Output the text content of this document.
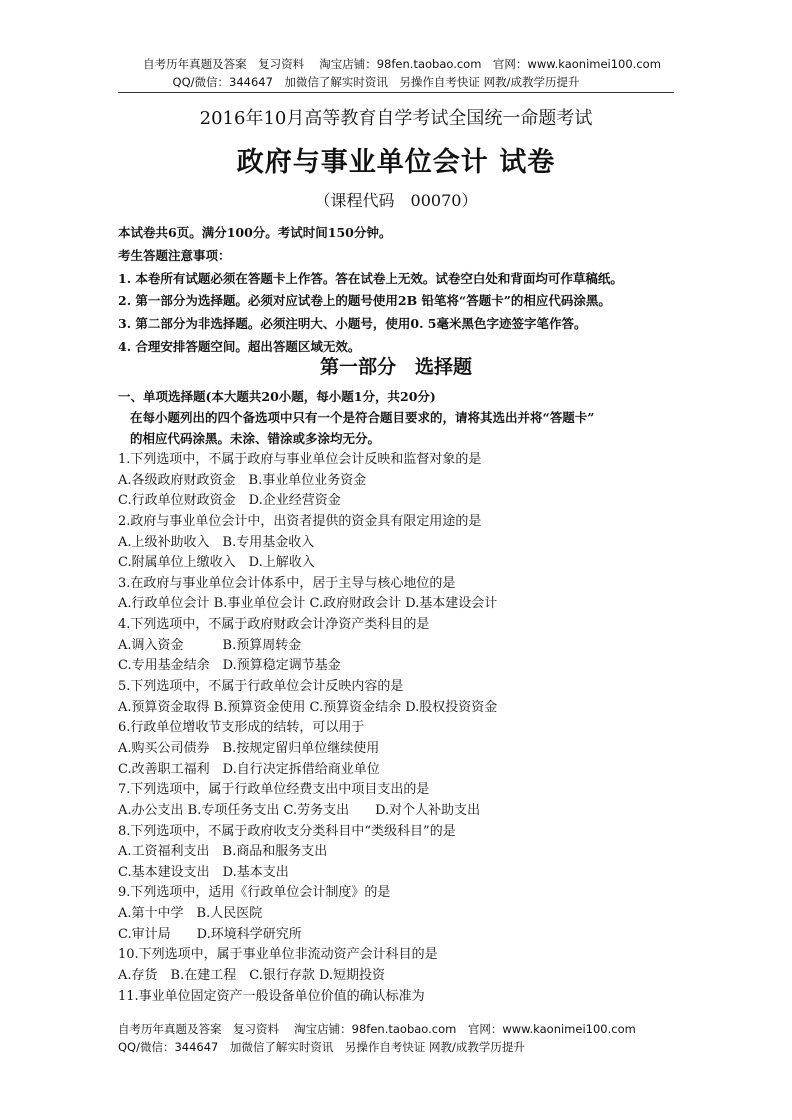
自考历年真题及答案　复习资料　 淘宝店铺：98fen.taobao.com　官网：www.kaonimei100.com
QQ/微信：344647　加微信了解实时资讯　另操作自考快证 网教/成教学历提升
2016年10月高等教育自学考试全国统一命题考试
政府与事业单位会计 试卷
（课程代码　00070）
本试卷共6页。满分100分。考试时间150分钟。
考生答题注意事项：
1. 本卷所有试题必须在答题卡上作答。答在试卷上无效。试卷空白处和背面均可作草稿纸。
2. 第一部分为选择题。必须对应试卷上的题号使用2B 铅笔将“答题卡”的相应代码涂黑。
3. 第二部分为非选择题。必须注明大、小题号，使用0. 5毫米黑色字迹签字笔作答。
4. 合理安排答题空间。超出答题区域无效。
第一部分　选择题
一、单项选择题(本大题共20小题，每小题1分，共20分)
在每小题列出的四个备选项中只有一个是符合题目要求的，请将其选出并将“答题卡”
的相应代码涂黑。未涂、错涂或多涂均无分。
1.下列选项中，不属于政府与事业单位会计反映和监督对象的是
A.各级政府财政资金　B.事业单位业务资金
C.行政单位财政资金　D.企业经营资金
2.政府与事业单位会计中，出资者提供的资金具有限定用途的是
A.上级补助收入　B.专用基金收入
C.附属单位上缴收入　D.上解收入
3.在政府与事业单位会计体系中，居于主导与核心地位的是
A.行政单位会计 B.事业单位会计 C.政府财政会计 D.基本建设会计
4.下列选项中，不属于政府财政会计净资产类科目的是
A.调入资金　　　B.预算周转金
C.专用基金结余　D.预算稳定调节基金
5.下列选项中，不属于行政单位会计反映内容的是
A.预算资金取得 B.预算资金使用 C.预算资金结余 D.股权投资资金
6.行政单位增收节支形成的结转，可以用于
A.购买公司债券　B.按规定留归单位继续使用
C.改善职工福利　D.自行决定拆借给商业单位
7.下列选项中，属于行政单位经费支出中项目支出的是
A.办公支出 B.专项任务支出 C.劳务支出　　D.对个人补助支出
8.下列选项中，不属于政府收支分类科目中“类级科目”的是
A.工资福利支出　B.商品和服务支出
C.基本建设支出　D.基本支出
9.下列选项中，适用《行政单位会计制度》的是
A.第十中学　B.人民医院
C.审计局　　D.环境科学研究所
10.下列选项中，属于事业单位非流动资产会计科目的是
A.存货　B.在建工程　C.银行存款 D.短期投资
11.事业单位固定资产一般设备单位价值的确认标准为
自考历年真题及答案　复习资料　 淘宝店铺：98fen.taobao.com　官网：www.kaonimei100.com
QQ/微信：344647　加微信了解实时资讯　另操作自考快证 网教/成教学历提升
